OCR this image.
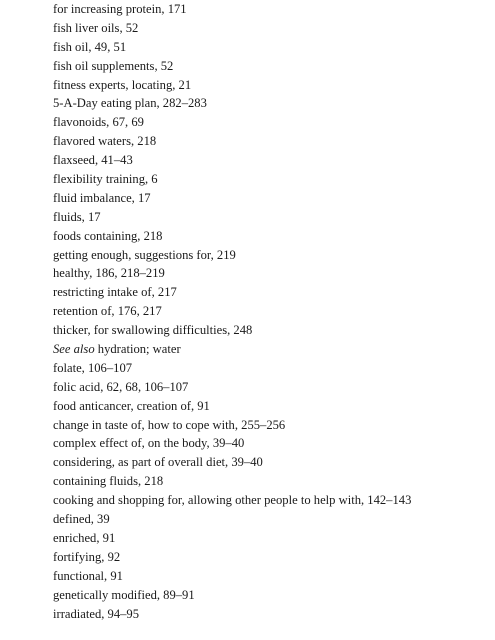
for increasing protein, 171
fish liver oils, 52
fish oil, 49, 51
fish oil supplements, 52
fitness experts, locating, 21
5-A-Day eating plan, 282–283
flavonoids, 67, 69
flavored waters, 218
flaxseed, 41–43
flexibility training, 6
fluid imbalance, 17
fluids, 17
foods containing, 218
getting enough, suggestions for, 219
healthy, 186, 218–219
restricting intake of, 217
retention of, 176, 217
thicker, for swallowing difficulties, 248
See also hydration; water
folate, 106–107
folic acid, 62, 68, 106–107
food anticancer, creation of, 91
change in taste of, how to cope with, 255–256
complex effect of, on the body, 39–40
considering, as part of overall diet, 39–40
containing fluids, 218
cooking and shopping for, allowing other people to help with, 142–143
defined, 39
enriched, 91
fortifying, 92
functional, 91
genetically modified, 89–91
irradiated, 94–95
